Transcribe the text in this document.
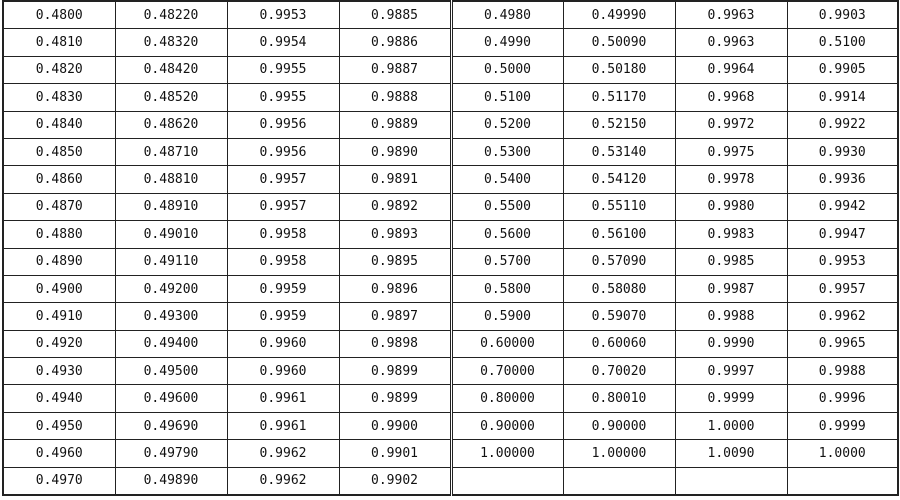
0.4800	0.48220	0.9953	0.9885	0.4980	0.49990	0.9963	0.9903
0.4810	0.48320	0.9954	0.9886	0.4990	0.50090	0.9963	0.5100
0.4820	0.48420	0.9955	0.9887	0.5000	0.50180	0.9964	0.9905
0.4830	0.48520	0.9955	0.9888	0.5100	0.51170	0.9968	0.9914
0.4840	0.48620	0.9956	0.9889	0.5200	0.52150	0.9972	0.9922
0.4850	0.48710	0.9956	0.9890	0.5300	0.53140	0.9975	0.9930
0.4860	0.48810	0.9957	0.9891	0.5400	0.54120	0.9978	0.9936
0.4870	0.48910	0.9957	0.9892	0.5500	0.55110	0.9980	0.9942
0.4880	0.49010	0.9958	0.9893	0.5600	0.56100	0.9983	0.9947
0.4890	0.49110	0.9958	0.9895	0.5700	0.57090	0.9985	0.9953
0.4900	0.49200	0.9959	0.9896	0.5800	0.58080	0.9987	0.9957
0.4910	0.49300	0.9959	0.9897	0.5900	0.59070	0.9988	0.9962
0.4920	0.49400	0.9960	0.9898	0.60000	0.60060	0.9990	0.9965
0.4930	0.49500	0.9960	0.9899	0.70000	0.70020	0.9997	0.9988
0.4940	0.49600	0.9961	0.9899	0.80000	0.80010	0.9999	0.9996
0.4950	0.49690	0.9961	0.9900	0.90000	0.90000	1.0000	0.9999
0.4960	0.49790	0.9962	0.9901	1.00000	1.00000	1.0090	1.0000
0.4970	0.49890	0.9962	0.9902				
